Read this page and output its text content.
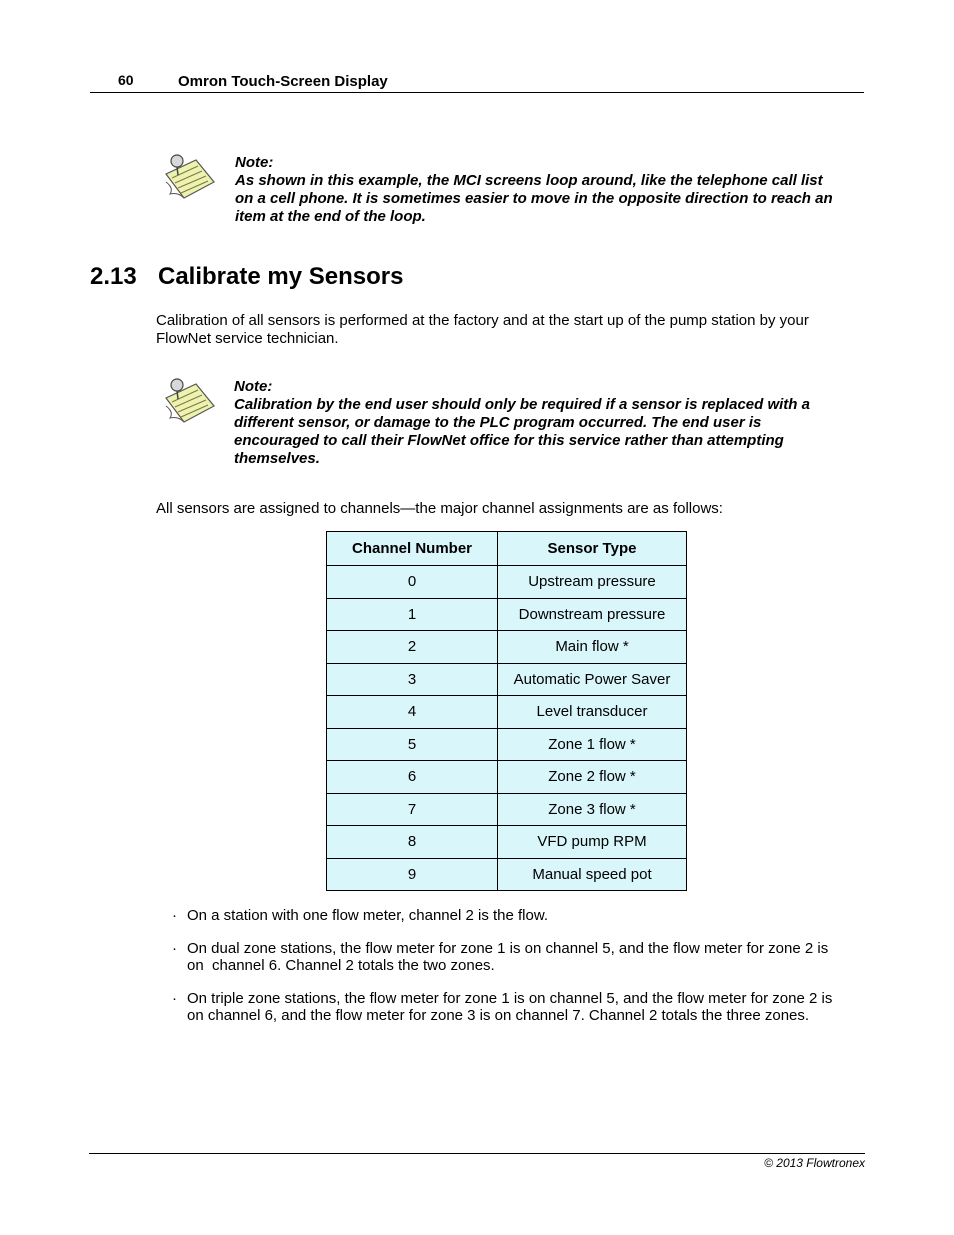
60	Omron Touch-Screen Display
Note:
As shown in this example, the MCI screens loop around, like the telephone call list
on a cell phone. It is sometimes easier to move in the opposite direction to reach an
item at the end of the loop.
2.13 Calibrate my Sensors
Calibration of all sensors is performed at the factory and at the start up of the pump station by your
FlowNet service technician.
Note:
Calibration by the end user should only be required if a sensor is replaced with a
different sensor, or damage to the PLC program occurred. The end user is
encouraged to call their FlowNet office for this service rather than attempting
themselves.
All sensors are assigned to channels—the major channel assignments are as follows:
Channel Number	Sensor Type
0	Upstream pressure
1	Downstream pressure
2	Main flow *
3	Automatic Power Saver
4	Level transducer
5	Zone 1 flow *
6	Zone 2 flow *
7	Zone 3 flow *
8	VFD pump RPM
9	Manual speed pot
· On a station with one flow meter, channel 2 is the flow.
· On dual zone stations, the flow meter for zone 1 is on channel 5, and the flow meter for zone 2 is
on  channel 6. Channel 2 totals the two zones.
· On triple zone stations, the flow meter for zone 1 is on channel 5, and the flow meter for zone 2 is
on channel 6, and the flow meter for zone 3 is on channel 7. Channel 2 totals the three zones.
© 2013 Flowtronex
